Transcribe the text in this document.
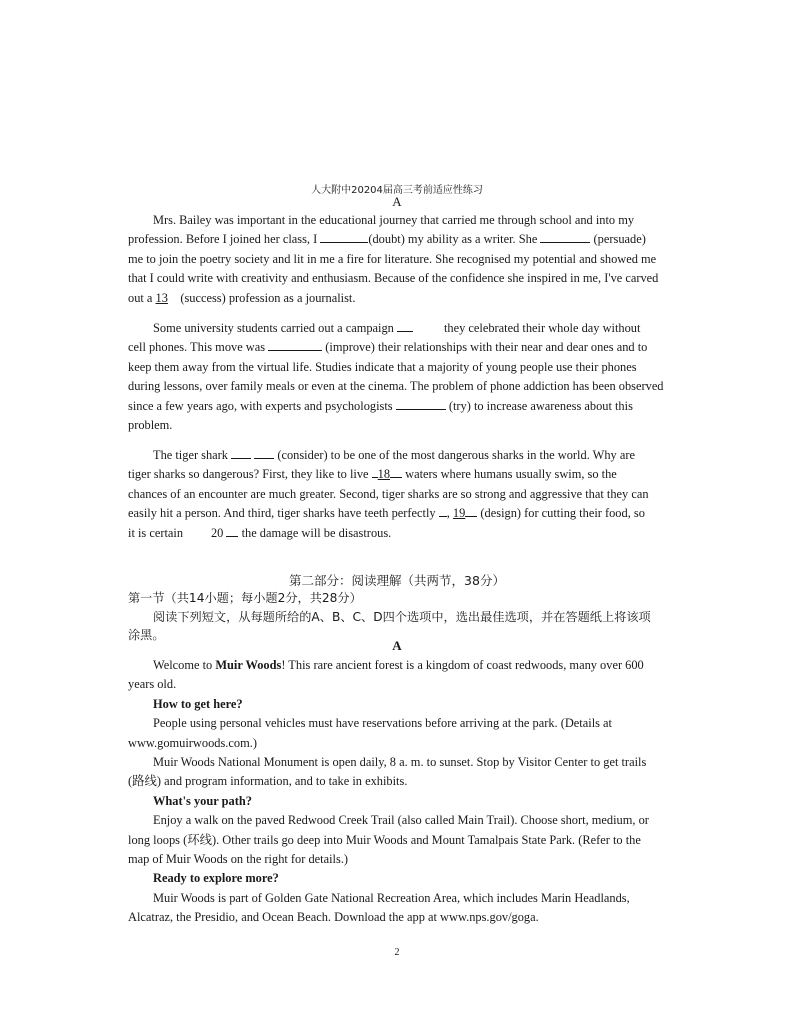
人大附中20204届高三考前适应性练习
A

Mrs. Bailey was important in the educational journey that carried me through school and into my

profession. Before I joined her class, I	(doubt) my ability as a writer. She	(persuade)

me to join the poetry society and lit in me a fire for literature. She recognised my potential and showed me

that I could write with creativity and enthusiasm. Because of the confidence she inspired in me, I've carved

out a 13 (success) profession as a journalist.

Some university students carried out a campaign	they celebrated their whole day without

cell phones. This move was	(improve) their relationships with their near and dear ones and to

keep them away from the virtual life. Studies indicate that a majority of young people use their phones

during lessons, over family meals or even at the cinema. The problem of phone addiction has been observed

since a few years ago, with experts and psychologists	(try) to increase awareness about this

problem.

The tiger shark	(consider) to be one of the most dangerous sharks in the world. Why are

tiger sharks so dangerous? First, they like to live 18 waters where humans usually swim, so the

chances of an encounter are much greater. Second, tiger sharks are so strong and aggressive that they can

easily hit a person. And third, tiger sharks have teeth perfectly , 19 (design) for cutting their food, so

it is certain 20 the damage will be disastrous.

第二部分：阅读理解（共两节，38分）

第一节（共14小题；每小题2分，共28分）

阅读下列短文，从每题所给的A、B、C、D四个选项中，选出最佳选项，并在答题纸上将该项

涂黑。

A

Welcome to Muir Woods! This rare ancient forest is a kingdom of coast redwoods, many over 600

years old.

How to get here?

People using personal vehicles must have reservations before arriving at the park. (Details at

www.gomuirwoods.com.)

Muir Woods National Monument is open daily, 8 a. m. to sunset. Stop by Visitor Center to get trails

(路线) and program information, and to take in exhibits.

What's your path?

Enjoy a walk on the paved Redwood Creek Trail (also called Main Trail). Choose short, medium, or

long loops (环线). Other trails go deep into Muir Woods and Mount Tamalpais State Park. (Refer to the

map of Muir Woods on the right for details.)

Ready to explore more?

Muir Woods is part of Golden Gate National Recreation Area, which includes Marin Headlands,

Alcatraz, the Presidio, and Ocean Beach. Download the app at www.nps.gov/goga.

2
